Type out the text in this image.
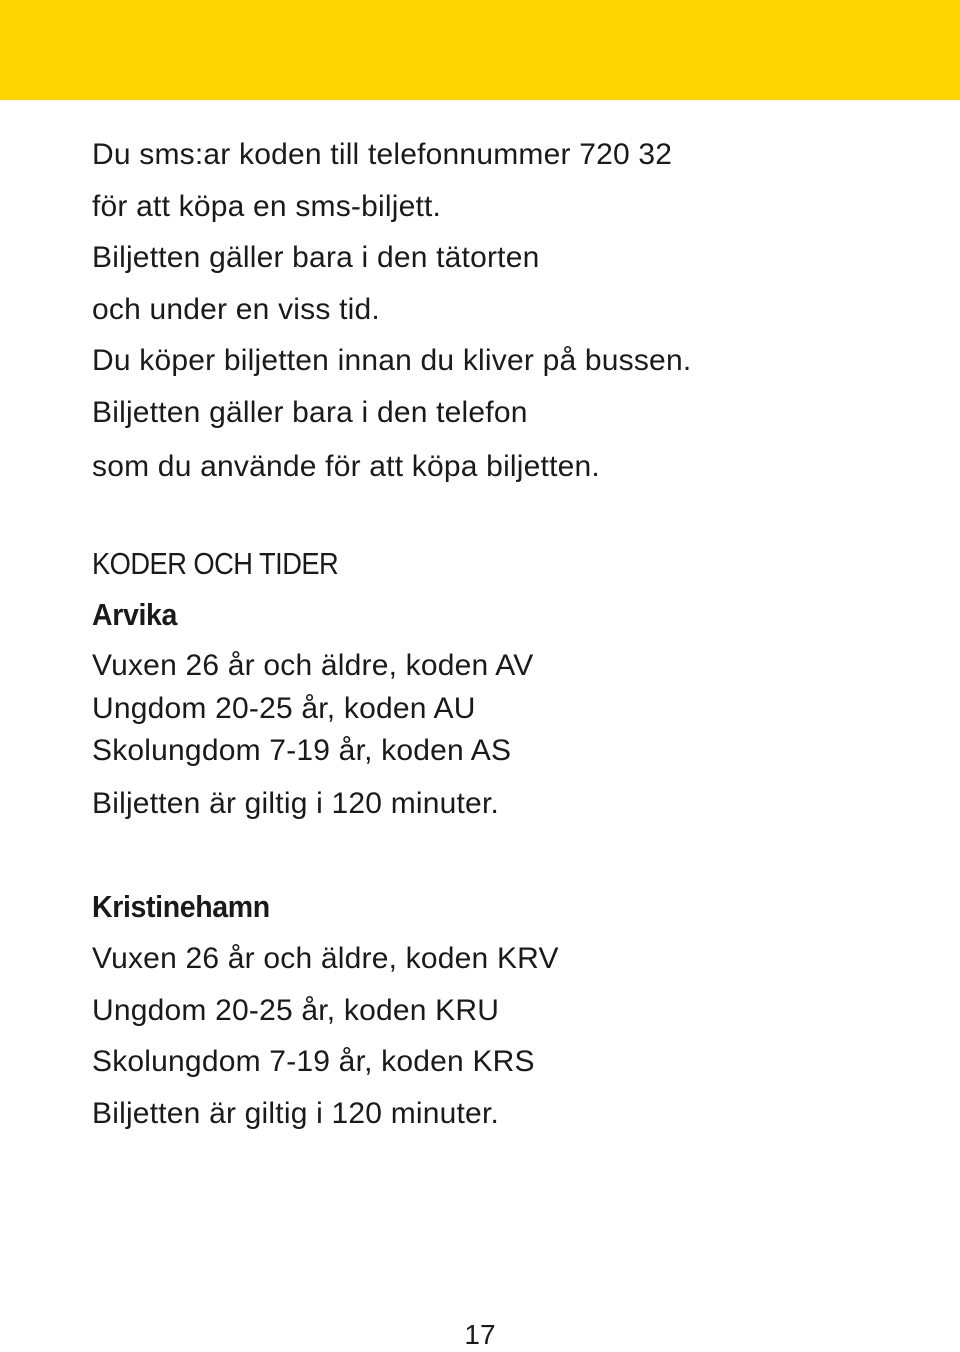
Du sms:ar koden till telefonnummer 720 32
för att köpa en sms-biljett.
Biljetten gäller bara i den tätorten
och under en viss tid.
Du köper biljetten innan du kliver på bussen.
Biljetten gäller bara i den telefon
som du använde för att köpa biljetten.
KODER OCH TIDER
Arvika
Vuxen 26 år och äldre, koden AV
Ungdom 20-25 år, koden AU
Skolungdom 7-19 år, koden AS
Biljetten är giltig i 120 minuter.
Kristinehamn
Vuxen 26 år och äldre, koden KRV
Ungdom 20-25 år, koden KRU
Skolungdom 7-19 år, koden KRS
Biljetten är giltig i 120 minuter.
17
